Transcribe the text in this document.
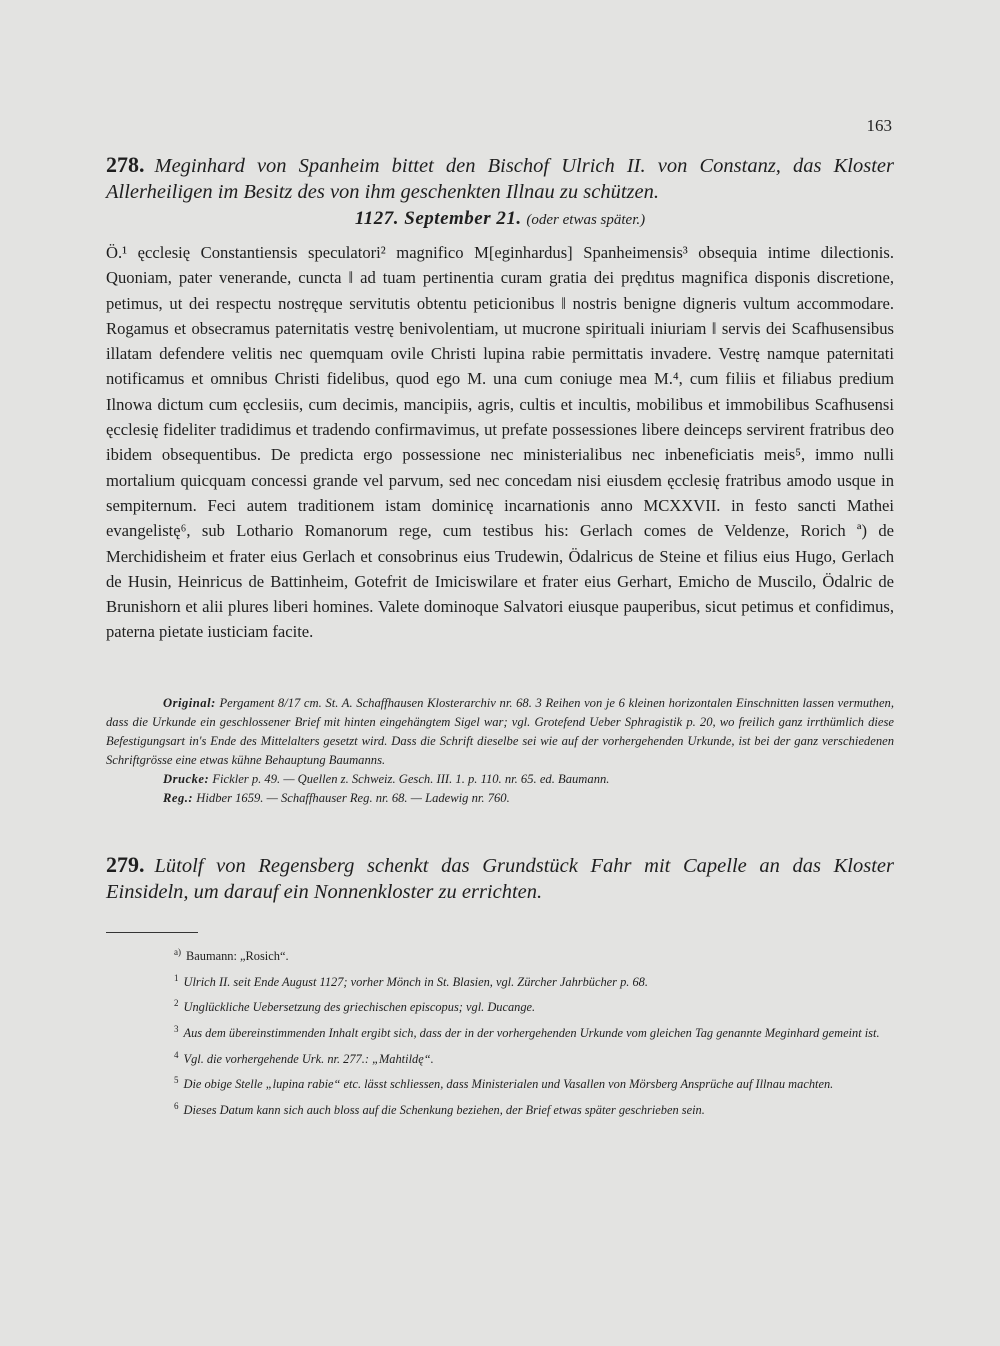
163
278. Meginhard von Spanheim bittet den Bischof Ulrich II. von Constanz, das Kloster Allerheiligen im Besitz des von ihm geschenkten Illnau zu schützen.
1127. September 21. (oder etwas später.)

Ö.¹ ęcclesię Constantiensis speculatori² magnifico M[eginhardus] Spanheimensis³ obsequia intime dilectionis. Quoniam, pater venerande, cuncta ‖ ad tuam pertinentia curam gratia dei prędıtus magnifica disponis discretione, petimus, ut dei respectu nostręque servitutis obtentu peticionibus ‖ nostris benigne digneris vultum accommodare. Rogamus et obsecramus paternitatis vestrę benivolentiam, ut mucrone spirituali iniuriam ‖ servis dei Scafhusensibus illatam defendere velitis nec quemquam ovile Christi lupina rabie permittatis invadere. Vestrę namque paternitati notificamus et omnibus Christi fidelibus, quod ego M. una cum coniuge mea M.⁴, cum filiis et filiabus predium Ilnowa dictum cum ęcclesiis, cum decimis, mancipiis, agris, cultis et incultis, mobilibus et immobilibus Scafhusensi ęcclesię fideliter tradidimus et tradendo confirmavimus, ut prefate possessiones libere deinceps servirent fratribus deo ibidem obsequentibus. De predicta ergo possessione nec ministerialibus nec inbeneficiatis meis⁵, immo nulli mortalium quicquam concessi grande vel parvum, sed nec concedam nisi eiusdem ęcclesię fratribus amodo usque in sempiternum. Feci autem traditionem istam dominicę incarnationis anno MCXXVII. in festo sancti Mathei evangelistę⁶, sub Lothario Romanorum rege, cum testibus his: Gerlach comes de Veldenze, Rorich ª) de Merchidisheim et frater eius Gerlach et consobrinus eius Trudewin, Ödalricus de Steine et filius eius Hugo, Gerlach de Husin, Heinricus de Battinheim, Gotefrit de Imiciswilare et frater eius Gerhart, Emicho de Muscilo, Ödalric de Brunishorn et alii plures liberi homines. Valete dominoque Salvatori eiusque pauperibus, sicut petimus et confidimus, paterna pietate iusticiam facite.

Original: Pergament 8/17 cm. St. A. Schaffhausen Klosterarchiv nr. 68. 3 Reihen von je 6 kleinen horizontalen Einschnitten lassen vermuthen, dass die Urkunde ein geschlossener Brief mit hinten eingehängtem Sigel war; vgl. Grotefend Ueber Sphragistik p. 20, wo freilich ganz irrthümlich diese Befestigungsart in's Ende des Mittelalters gesetzt wird. Dass die Schrift dieselbe sei wie auf der vorhergehenden Urkunde, ist bei der ganz verschiedenen Schriftgrösse eine etwas kühne Behauptung Baumanns.

Drucke: Fickler p. 49. — Quellen z. Schweiz. Gesch. III. 1. p. 110. nr. 65. ed. Baumann.

Reg.: Hidber 1659. — Schaffhauser Reg. nr. 68. — Ladewig nr. 760.

279. Lütolf von Regensberg schenkt das Grundstück Fahr mit Capelle an das Kloster Einsideln, um darauf ein Nonnenkloster zu errichten.

$^{a)}$ Baumann: „Rosich“.

$^1$ Ulrich II. seit Ende August 1127; vorher Mönch in St. Blasien, vgl. Zürcher Jahrbücher p. 68.

$^2$ Unglückliche Uebersetzung des griechischen episcopus; vgl. Ducange.

$^3$ Aus dem übereinstimmenden Inhalt ergibt sich, dass der in der vorhergehenden Urkunde vom gleichen Tag genannte Meginhard gemeint ist.

$^4$ Vgl. die vorhergehende Urk. nr. 277.: „Mahtildę“.

$^5$ Die obige Stelle „lupina rabie“ etc. lässt schliessen, dass Ministerialen und Vasallen von Mörsberg Ansprüche auf Illnau machten.

$^6$ Dieses Datum kann sich auch bloss auf die Schenkung beziehen, der Brief etwas später geschrieben sein.
